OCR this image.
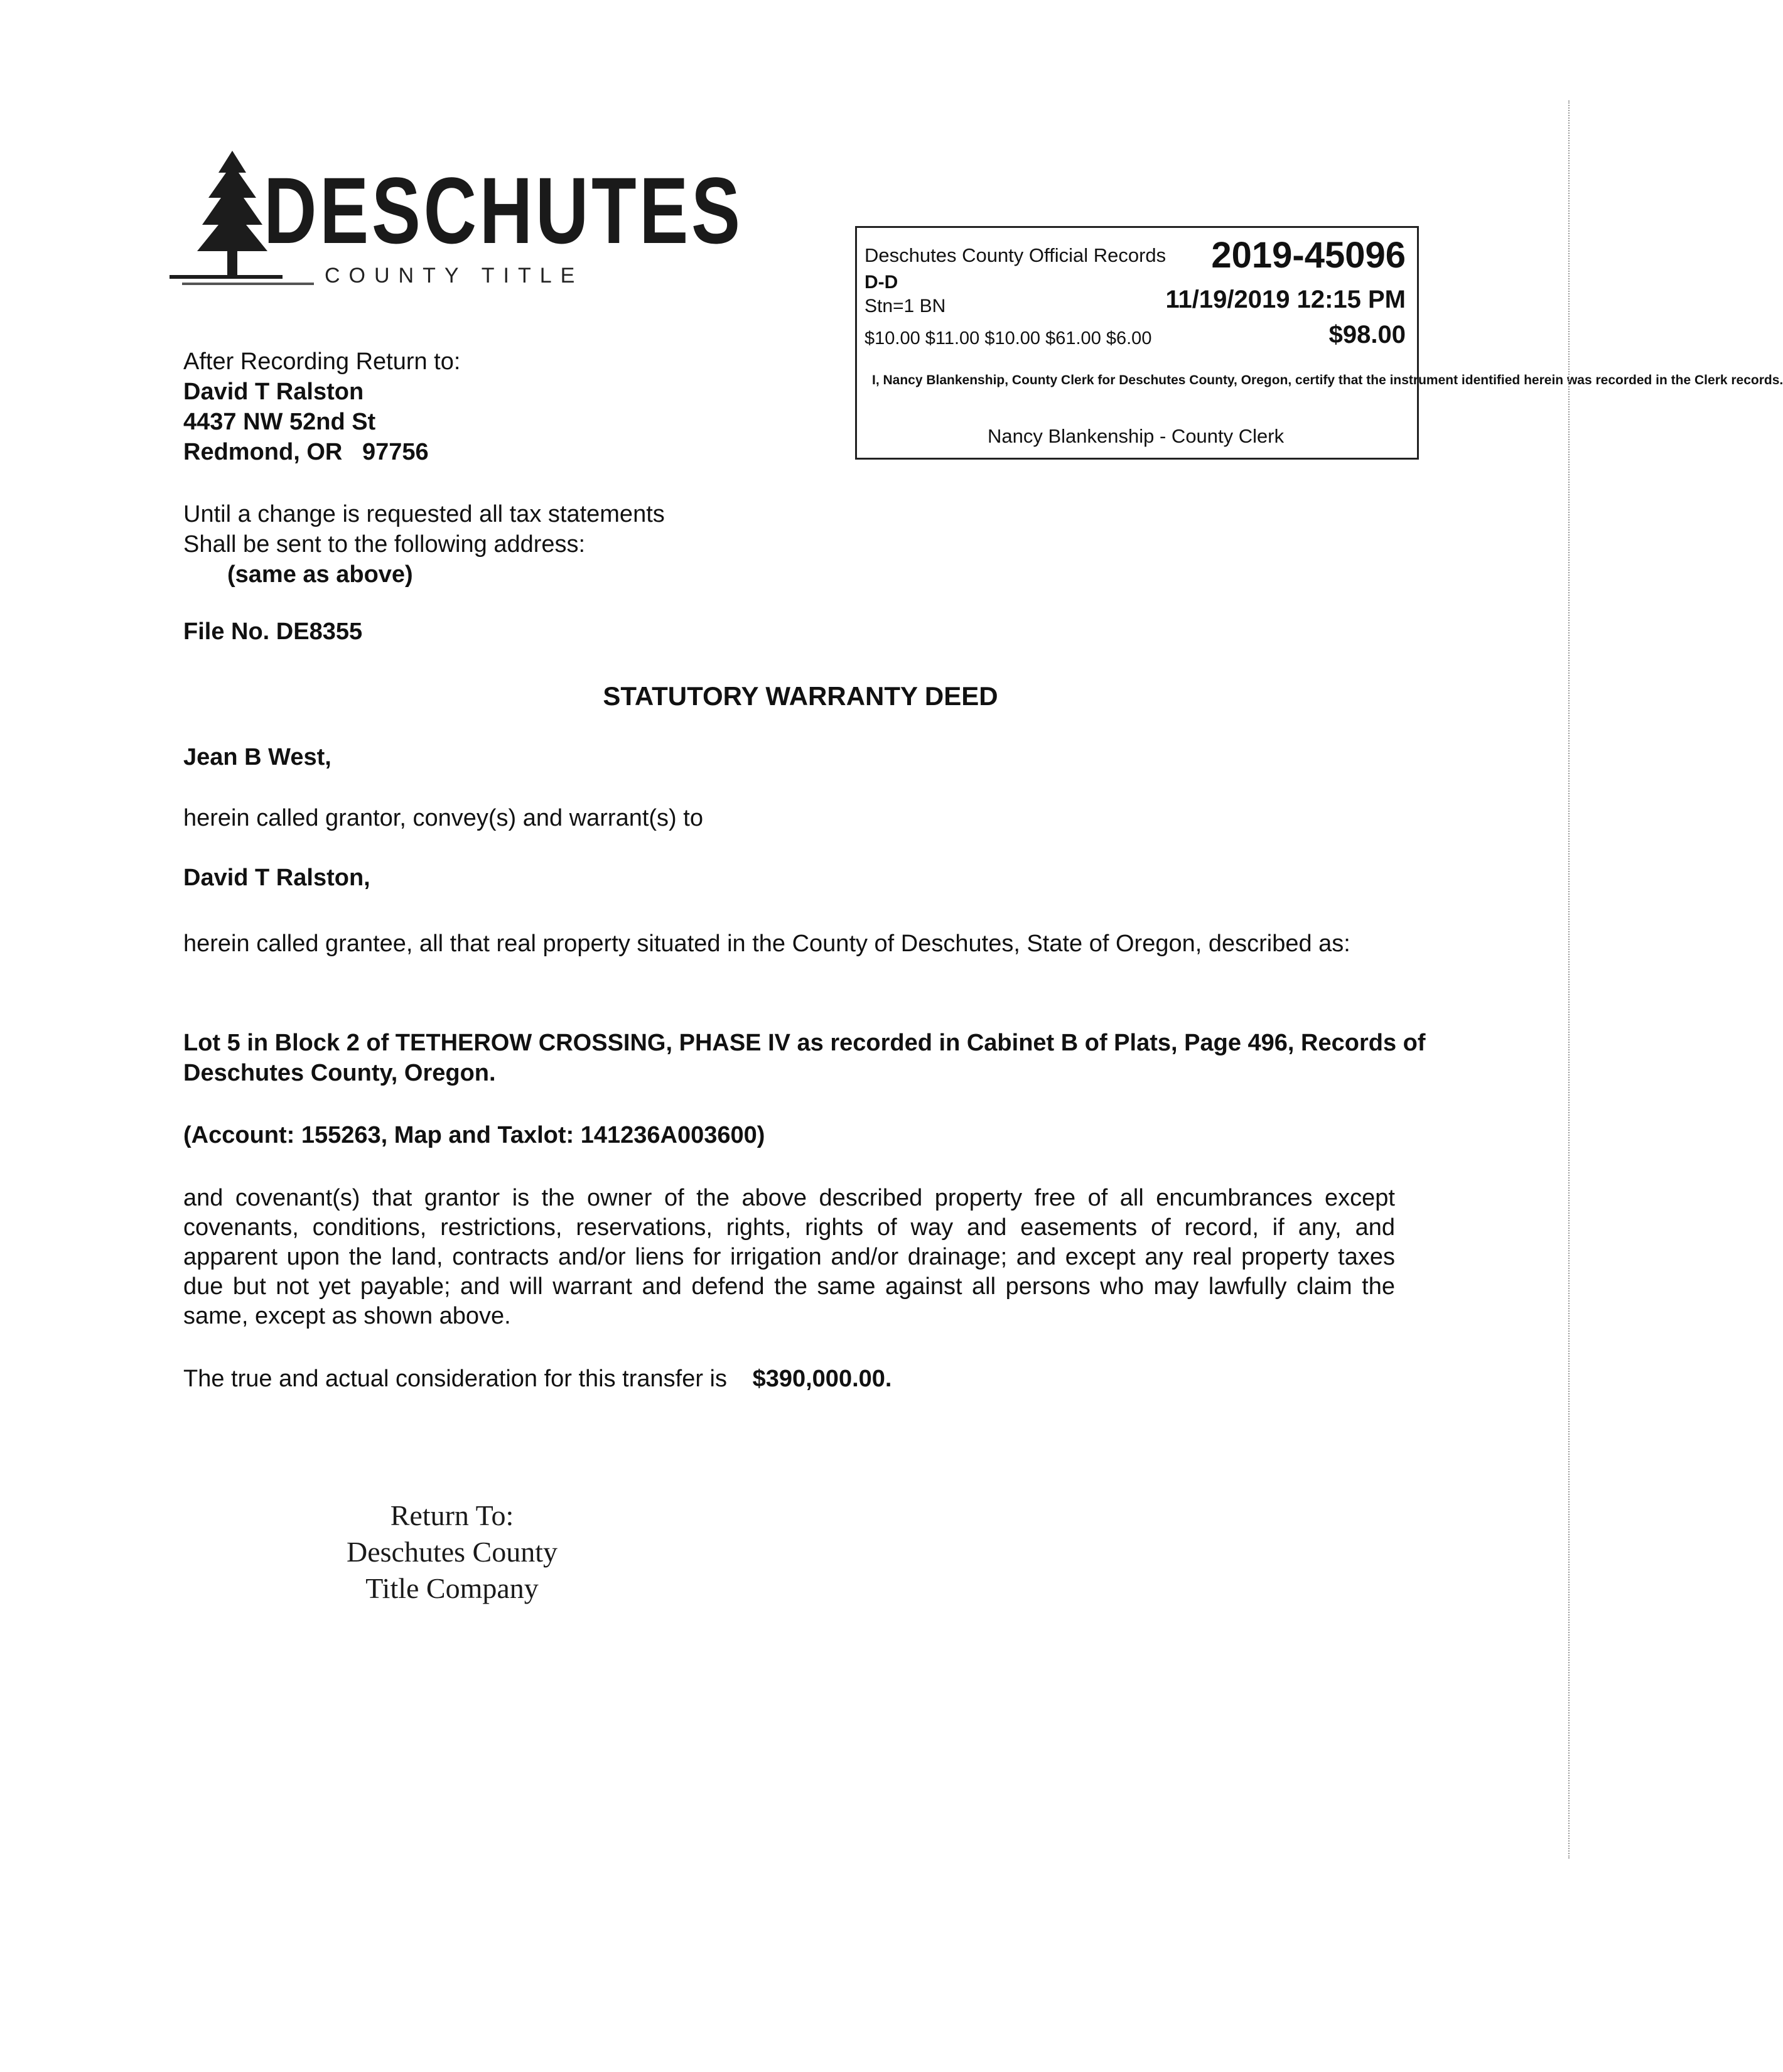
DESCHUTES
COUNTY TITLE
Deschutes County Official Records 2019-45096
D-D
Stn=1 BN	11/19/2019 12:15 PM
$10.00 $11.00 $10.00 $61.00 $6.00	$98.00
I, Nancy Blankenship, County Clerk for Deschutes County, Oregon, certify that the instrument identified herein was recorded in the Clerk records.
Nancy Blankenship - County Clerk
After Recording Return to:
David T Ralston
4437 NW 52nd St
Redmond, OR   97756
Until a change is requested all tax statements
Shall be sent to the following address:
(same as above)
File No. DE8355
STATUTORY WARRANTY DEED
Jean B West,
herein called grantor, convey(s) and warrant(s) to
David T Ralston,
herein called grantee, all that real property situated in the County of Deschutes, State of Oregon, described as:
Lot 5 in Block 2 of TETHEROW CROSSING, PHASE IV as recorded in Cabinet B of Plats, Page 496, Records of Deschutes County, Oregon.
(Account: 155263, Map and Taxlot: 141236A003600)
and covenant(s) that grantor is the owner of the above described property free of all encumbrances except covenants, conditions, restrictions, reservations, rights, rights of way and easements of record, if any, and apparent upon the land, contracts and/or liens for irrigation and/or drainage; and except any real property taxes due but not yet payable; and will warrant and defend the same against all persons who may lawfully claim the same, except as shown above.
The true and actual consideration for this transfer is $390,000.00.
Return To:
Deschutes County
Title Company
